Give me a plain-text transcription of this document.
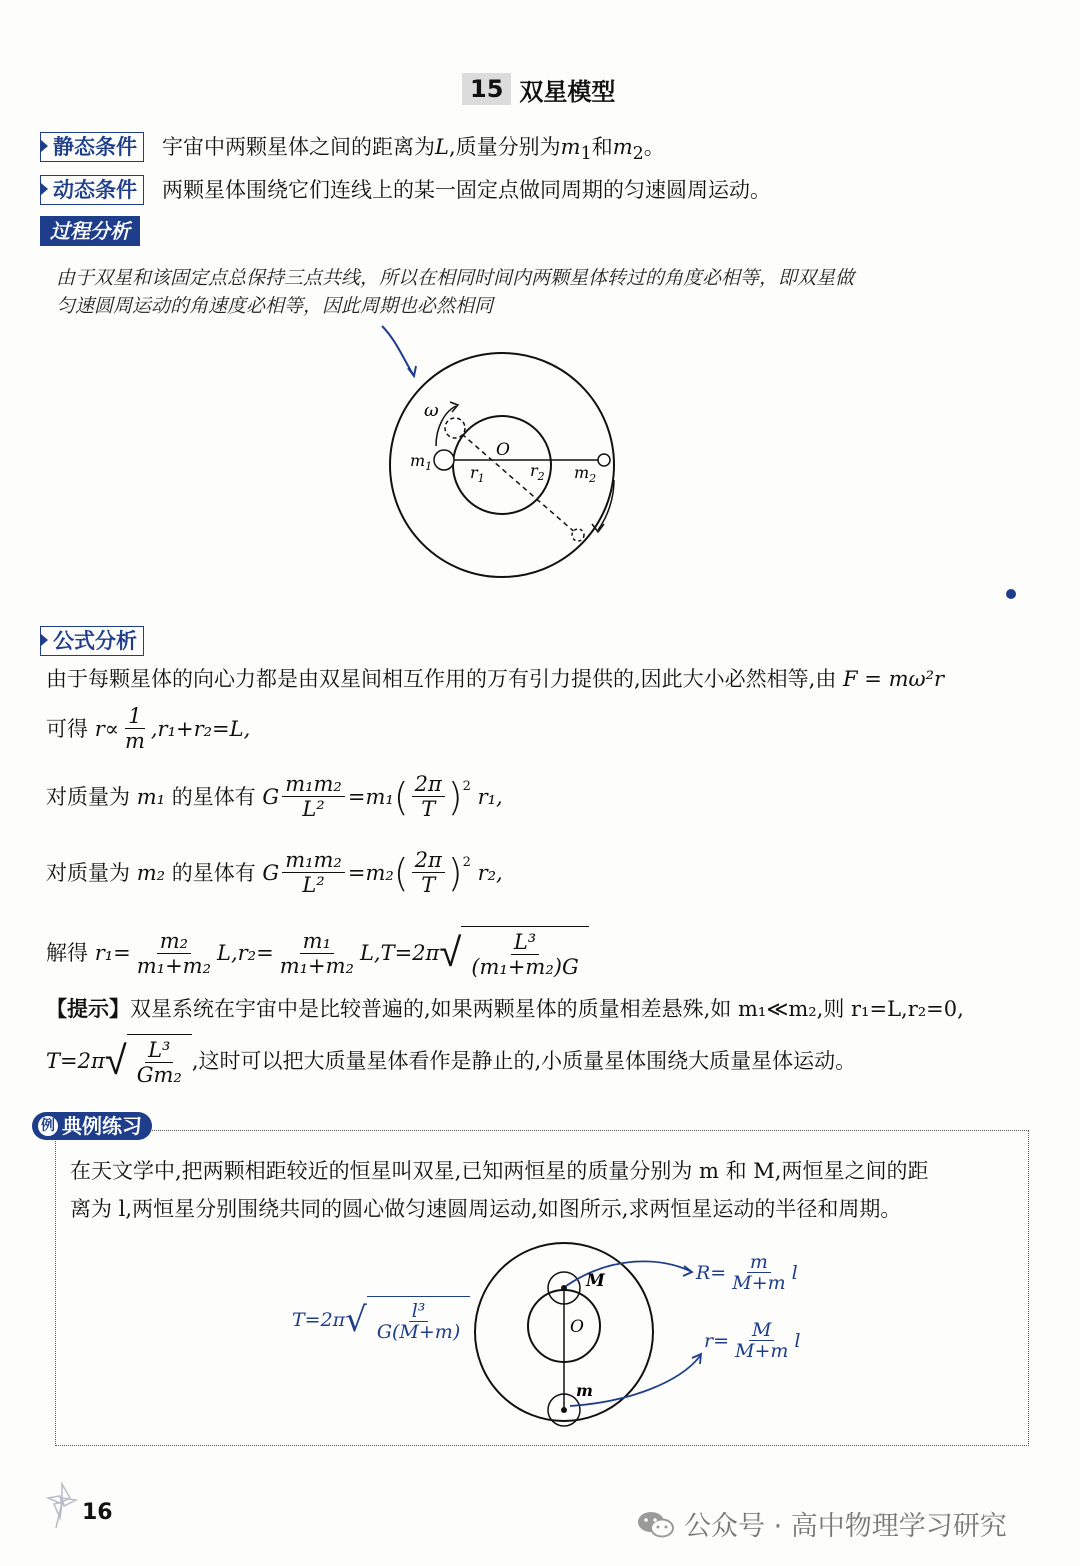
15 双星模型
静态条件	宇宙中两颗星体之间的距离为L,质量分别为$m_1$和$m_2$。
动态条件	两颗星体围绕它们连线上的某一固定点做同周期的匀速圆周运动。
过程分析
由于双星和该固定点总保持三点共线，所以在相同时间内两颗星体转过的角度必相等，即双星做
匀速圆周运动的角速度必相等，因此周期也必然相同
ω
O
$m_1$ $r_1$	$r_2$ $m_2$
公式分析
由于每颗星体的向心力都是由双星间相互作用的万有引力提供的,因此大小必然相等,由 F = mω²r
可得
$r\propto \frac{1}{m} ,r_1+r_2=L$,
对质量为
m₁
的星体有
G $\frac{\text{m₁m₂}}{\text{L²}} =m_1$ ( $\frac{2\pi}{T} )^2$
r₁,
对质量为
m₂
的星体有
G $\frac{\text{m₁m₂}}{\text{L²}} =m_2$ ( $\frac{2\pi}{T} )^2$
r₂,
解得
$r_1= \frac{\text{m₂}}{\text{m₁+m₂}} L,r_2= \frac{\text{m₁}}{\text{m₁+m₂}} L,T=2\pi$ √ $\frac{\text{L³}}{\text{(m₁+m₂)G}}$
【提示】双星系统在宇宙中是比较普遍的,如果两颗星体的质量相差悬殊,如 m₁≪m₂,则 r₁=L,r₂=0,
T=2π √ $\frac{\text{L³}}{\text{Gm₂}}$ ,这时可以把大质量星体看作是静止的,小质量星体围绕大质量星体运动。
例 典例练习
在天文学中,把两颗相距较近的恒星叫双星,已知两恒星的质量分别为 m 和 M,两恒星之间的距
离为 l,两恒星分别围绕共同的圆心做匀速圆周运动,如图所示,求两恒星运动的半径和周期。
T=2π √ $\frac{\text{l³}}{G(M+m)}$
M
O
m
$R= \frac{m}{M+m}$ l
$r= \frac{M}{M+m}$ l
16	公众号 · 高中物理学习研究
